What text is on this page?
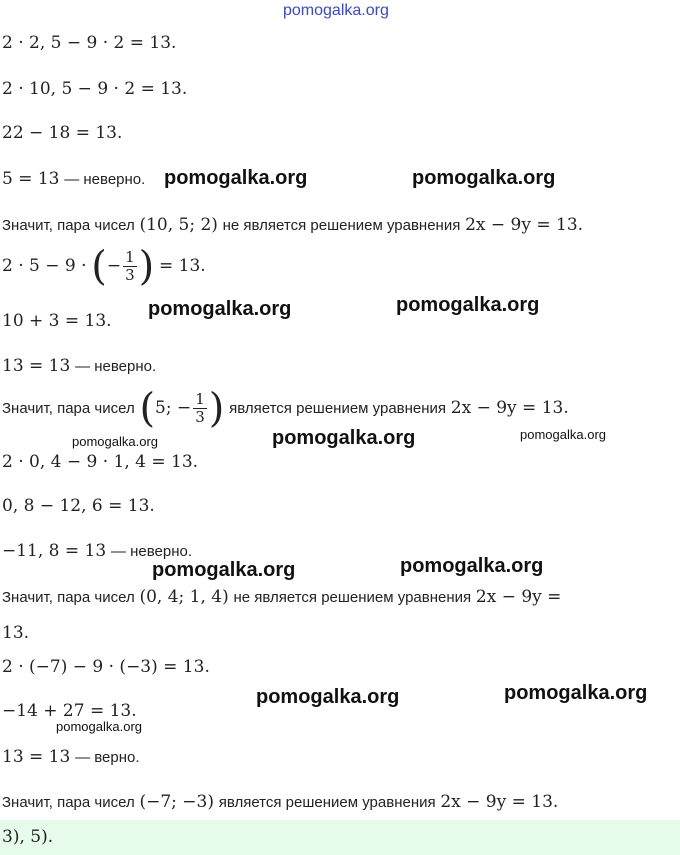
pomogalka.org
2 · 2, 5 − 9 · 2 = 13.
2 · 10, 5 − 9 · 2 = 13.
22 − 18 = 13.
5 = 13 — неверно.
Значит, пара чисел (10, 5; 2) не является решением уравнения 2x − 9y = 13.
2 · 5 − 9 · (− $\frac{1}{3}$ ) = 13.
10 + 3 = 13.
13 = 13 — неверно.
Значит, пара чисел (5; − $\frac{1}{3}$ ) является решением уравнения 2x − 9y = 13.
2 · 0, 4 − 9 · 1, 4 = 13.
0, 8 − 12, 6 = 13.
−11, 8 = 13 — неверно.
Значит, пара чисел (0, 4; 1, 4) не является решением уравнения 2x − 9y =
13.
2 · (−7) − 9 · (−3) = 13.
−14 + 27 = 13.
13 = 13 — верно.
Значит, пара чисел (−7; −3) является решением уравнения 2x − 9y = 13.
3), 5).
pomogalka.org	pomogalka.org
pomogalka.org	pomogalka.org
pomogalka.org	pomogalka.org	pomogalka.org
pomogalka.org	pomogalka.org
pomogalka.org	pomogalka.org
pomogalka.org
